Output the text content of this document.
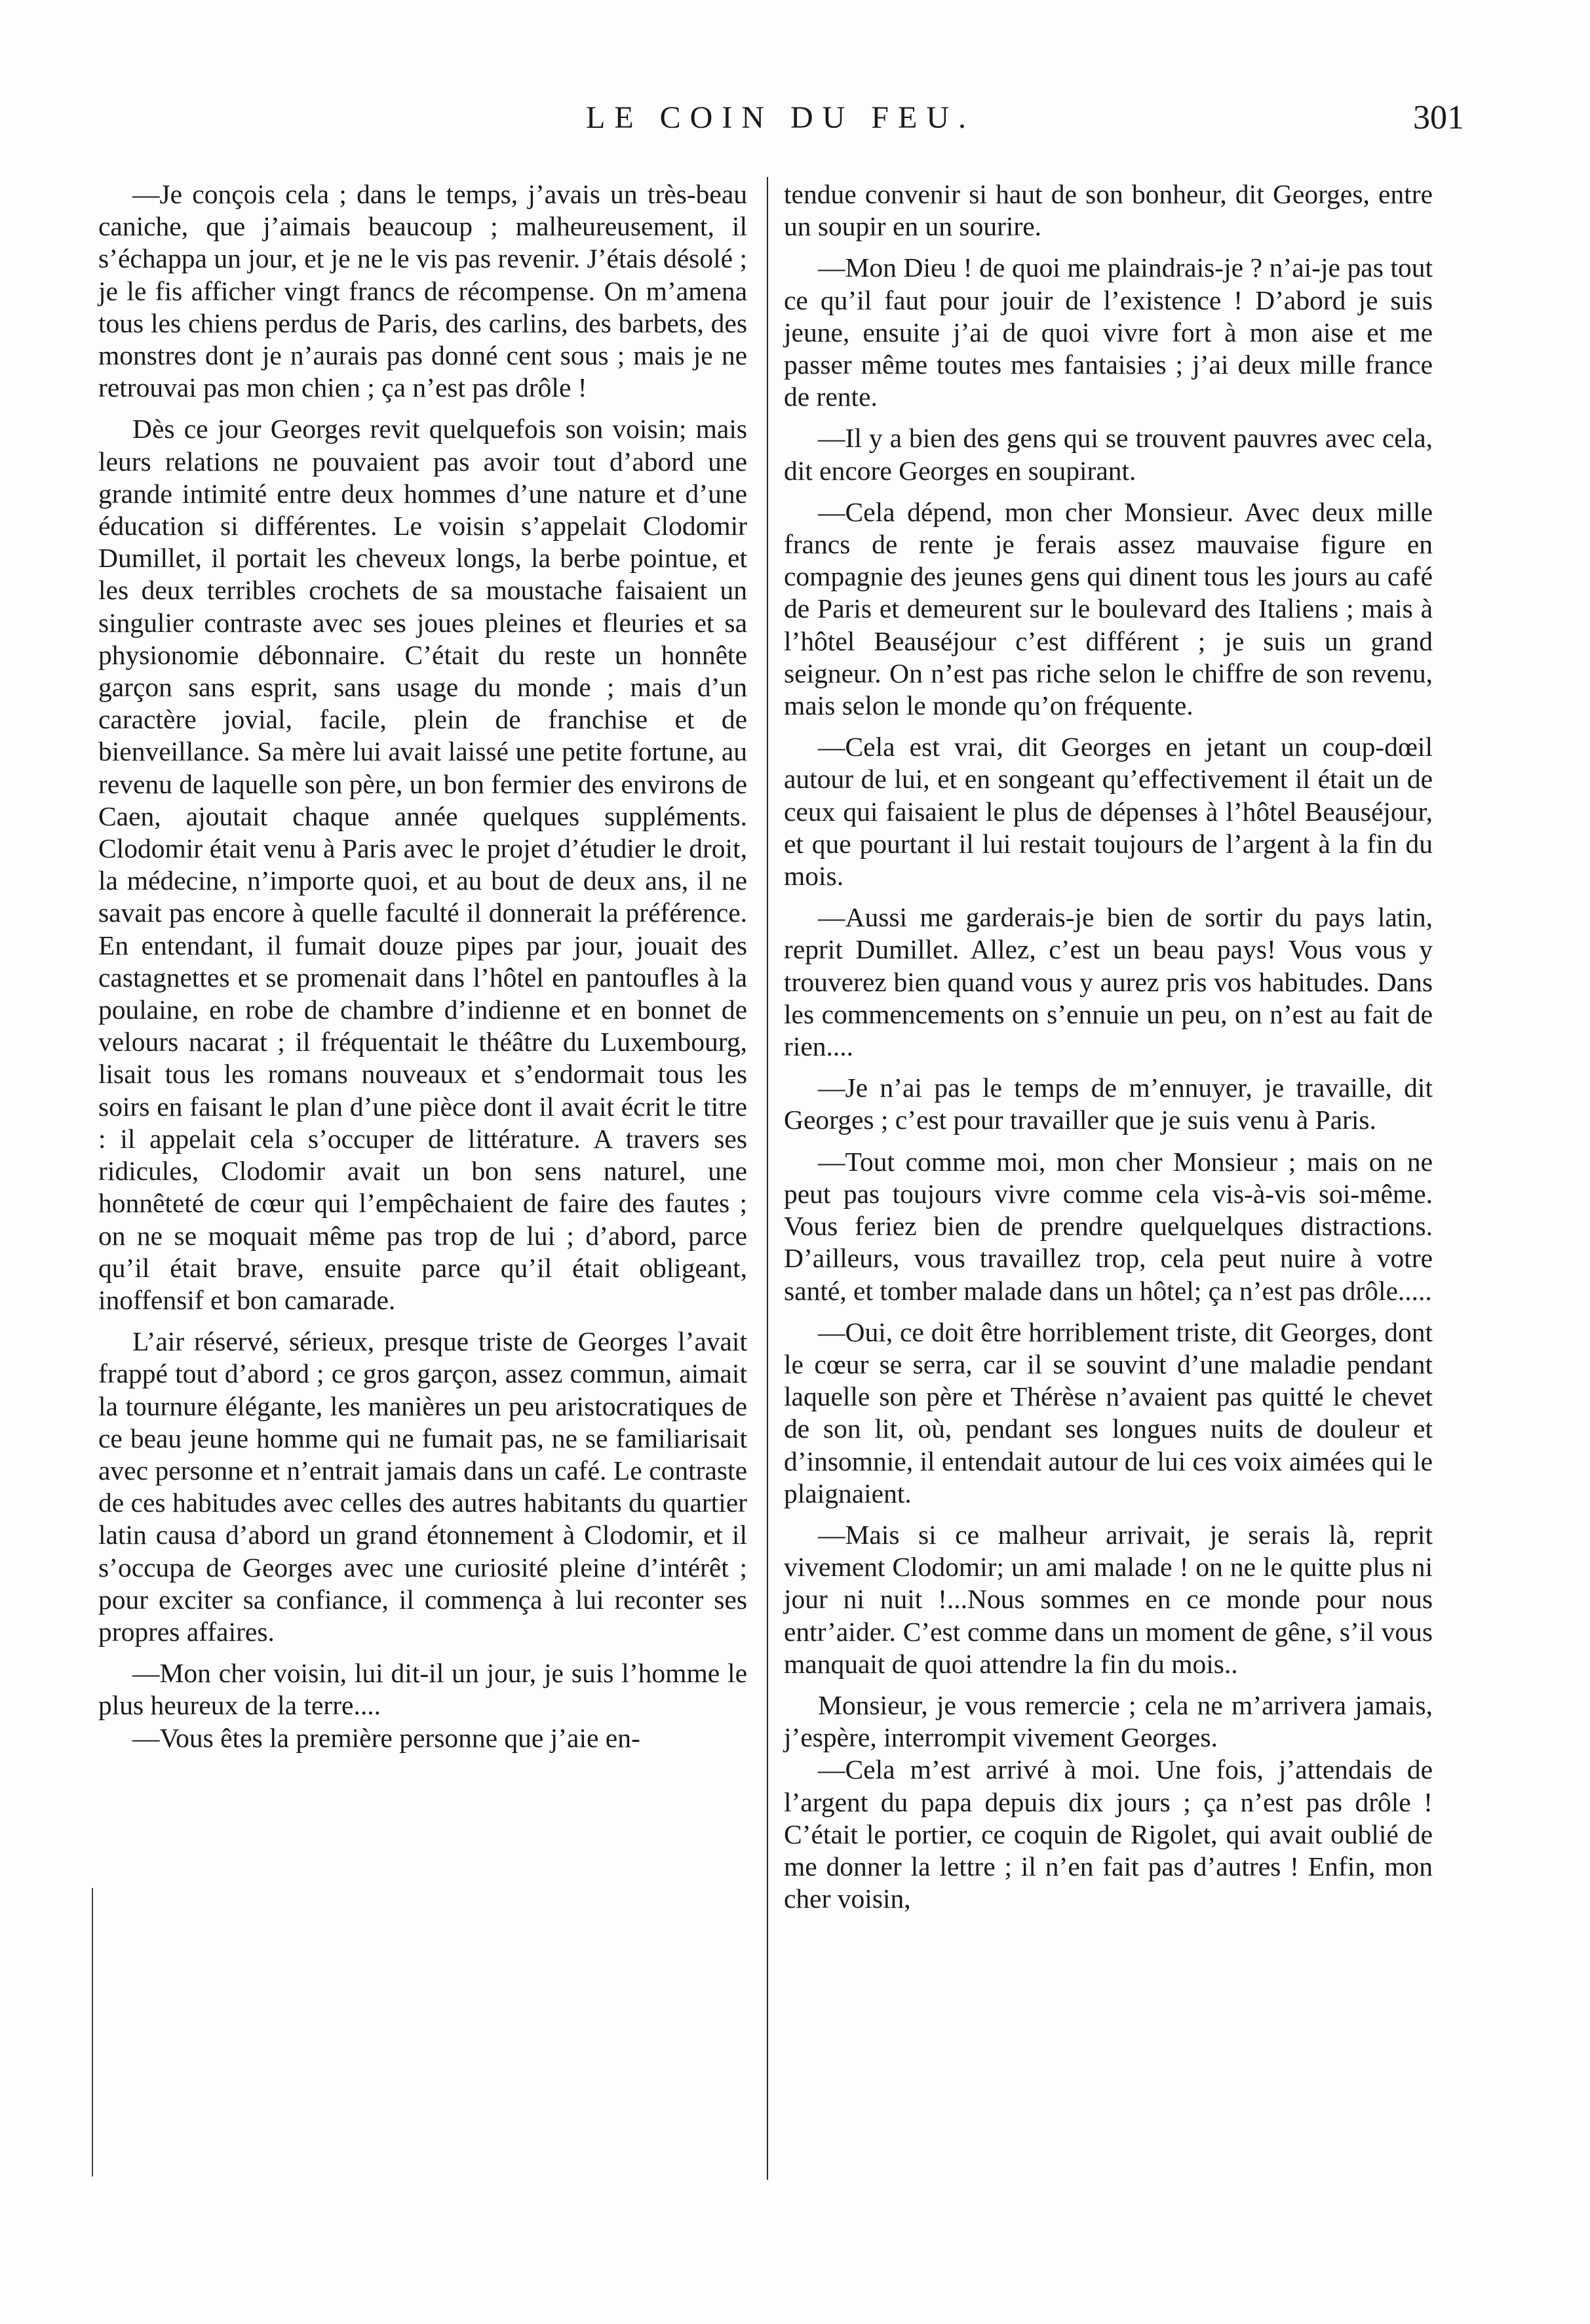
LE COIN DU FEU.	301

—Je conçois cela ; dans le temps, j’avais un très-beau caniche, que j’aimais beaucoup ; malheureusement, il s’échappa un jour, et je ne le vis pas revenir. J’étais désolé ; je le fis afficher vingt francs de récompense. On m’amena tous les chiens perdus de Paris, des carlins, des barbets, des monstres dont je n’aurais pas donné cent sous ; mais je ne retrouvai pas mon chien ; ça n’est pas drôle !

Dès ce jour Georges revit quelquefois son voisin; mais leurs relations ne pouvaient pas avoir tout d’abord une grande intimité entre deux hommes d’une nature et d’une éducation si différentes. Le voisin s’appelait Clodomir Dumillet, il portait les cheveux longs, la berbe pointue, et les deux terribles crochets de sa moustache faisaient un singulier contraste avec ses joues pleines et fleuries et sa physionomie débonnaire. C’était du reste un honnête garçon sans esprit, sans usage du monde ; mais d’un caractère jovial, facile, plein de franchise et de bienveillance. Sa mère lui avait laissé une petite fortune, au revenu de laquelle son père, un bon fermier des environs de Caen, ajoutait chaque année quelques suppléments. Clodomir était venu à Paris avec le projet d’étudier le droit, la médecine, n’importe quoi, et au bout de deux ans, il ne savait pas encore à quelle faculté il donnerait la préférence. En entendant, il fumait douze pipes par jour, jouait des castagnettes et se promenait dans l’hôtel en pantoufles à la poulaine, en robe de chambre d’indienne et en bonnet de velours nacarat ; il fréquentait le théâtre du Luxembourg, lisait tous les romans nouveaux et s’endormait tous les soirs en faisant le plan d’une pièce dont il avait écrit le titre : il appelait cela s’occuper de littérature. A travers ses ridicules, Clodomir avait un bon sens naturel, une honnêteté de cœur qui l’empêchaient de faire des fautes ; on ne se moquait même pas trop de lui ; d’abord, parce qu’il était brave, ensuite parce qu’il était obligeant, inoffensif et bon camarade.

L’air réservé, sérieux, presque triste de Georges l’avait frappé tout d’abord ; ce gros garçon, assez commun, aimait la tournure élégante, les manières un peu aristocratiques de ce beau jeune homme qui ne fumait pas, ne se familiarisait avec personne et n’entrait jamais dans un café. Le contraste de ces habitudes avec celles des autres habitants du quartier latin causa d’abord un grand étonnement à Clodomir, et il s’occupa de Georges avec une curiosité pleine d’intérêt ; pour exciter sa confiance, il commença à lui reconter ses propres affaires.

—Mon cher voisin, lui dit-il un jour, je suis l’homme le plus heureux de la terre....

—Vous êtes la première personne que j’aie en-

tendue convenir si haut de son bonheur, dit Georges, entre un soupir en un sourire.

—Mon Dieu ! de quoi me plaindrais-je ? n’ai-je pas tout ce qu’il faut pour jouir de l’existence ! D’abord je suis jeune, ensuite j’ai de quoi vivre fort à mon aise et me passer même toutes mes fantaisies ; j’ai deux mille france de rente.

—Il y a bien des gens qui se trouvent pauvres avec cela, dit encore Georges en soupirant.

—Cela dépend, mon cher Monsieur. Avec deux mille francs de rente je ferais assez mauvaise figure en compagnie des jeunes gens qui dinent tous les jours au café de Paris et demeurent sur le boulevard des Italiens ; mais à l’hôtel Beauséjour c’est différent ; je suis un grand seigneur. On n’est pas riche selon le chiffre de son revenu, mais selon le monde qu’on fréquente.

—Cela est vrai, dit Georges en jetant un coup-dœil autour de lui, et en songeant qu’effectivement il était un de ceux qui faisaient le plus de dépenses à l’hôtel Beauséjour, et que pourtant il lui restait toujours de l’argent à la fin du mois.

—Aussi me garderais-je bien de sortir du pays latin, reprit Dumillet. Allez, c’est un beau pays! Vous vous y trouverez bien quand vous y aurez pris vos habitudes. Dans les commencements on s’ennuie un peu, on n’est au fait de rien....

—Je n’ai pas le temps de m’ennuyer, je travaille, dit Georges ; c’est pour travailler que je suis venu à Paris.

—Tout comme moi, mon cher Monsieur ; mais on ne peut pas toujours vivre comme cela vis-à-vis soi-même. Vous feriez bien de prendre quelquelques distractions. D’ailleurs, vous travaillez trop, cela peut nuire à votre santé, et tomber malade dans un hôtel; ça n’est pas drôle.....

—Oui, ce doit être horriblement triste, dit Georges, dont le cœur se serra, car il se souvint d’une maladie pendant laquelle son père et Thérèse n’avaient pas quitté le chevet de son lit, où, pendant ses longues nuits de douleur et d’insomnie, il entendait autour de lui ces voix aimées qui le plaignaient.

—Mais si ce malheur arrivait, je serais là, reprit vivement Clodomir; un ami malade ! on ne le quitte plus ni jour ni nuit !...Nous sommes en ce monde pour nous entr’aider. C’est comme dans un moment de gêne, s’il vous manquait de quoi attendre la fin du mois..

Monsieur, je vous remercie ; cela ne m’arrivera jamais, j’espère, interrompit vivement Georges.

—Cela m’est arrivé à moi. Une fois, j’attendais de l’argent du papa depuis dix jours ; ça n’est pas drôle ! C’était le portier, ce coquin de Rigolet, qui avait oublié de me donner la lettre ; il n’en fait pas d’autres ! Enfin, mon cher voisin,
